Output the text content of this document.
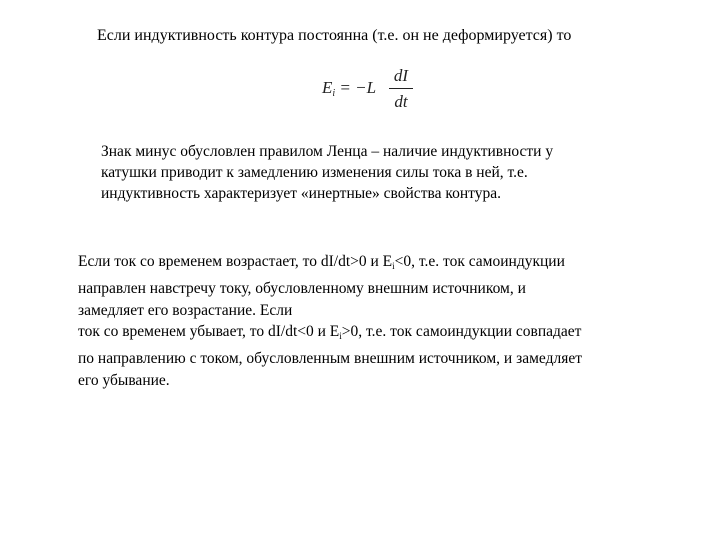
Если индуктивность контура постоянна (т.е. он не деформируется) то
$E_i = -L$
dI
dt
Знак минус обусловлен правилом Ленца – наличие индуктивности у
катушки приводит к замедлению изменения силы тока в ней, т.е.
индуктивность характеризует «инертные» свойства контура.
Если ток со временем возрастает, то dI/dt>0 и $E_i<0$, т.е. ток самоиндукции
направлен навстречу току, обусловленному внешним источником, и
замедляет его возрастание. Если
ток со временем убывает, то dI/dt<0 и $E_i>0$, т.е. ток самоиндукции совпадает
по направлению с током, обусловленным внешним источником, и замедляет
его убывание.
